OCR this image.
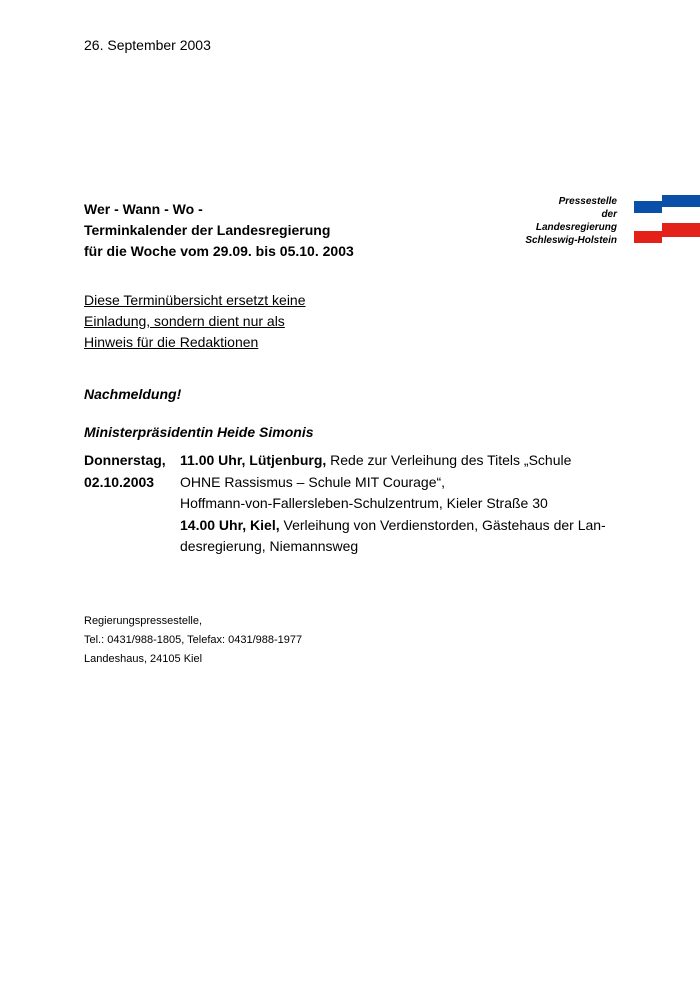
26. September 2003
Wer - Wann - Wo -
Terminkalender der Landesregierung
für die Woche vom 29.09. bis 05.10. 2003
Pressestelle
der
Landesregierung
Schleswig-Holstein
Diese Terminübersicht ersetzt keine
Einladung, sondern dient nur als
Hinweis für die Redaktionen
Nachmeldung!
Ministerpräsidentin Heide Simonis
Donnerstag,
02.10.2003
11.00 Uhr, Lütjenburg, Rede zur Verleihung des Titels „Schule
OHNE Rassismus – Schule MIT Courage“,
Hoffmann-von-Fallersleben-Schulzentrum, Kieler Straße 30
14.00 Uhr, Kiel, Verleihung von Verdienstorden, Gästehaus der Lan-
desregierung, Niemannsweg
Regierungspressestelle,
Tel.: 0431/988-1805, Telefax: 0431/988-1977
Landeshaus, 24105 Kiel
